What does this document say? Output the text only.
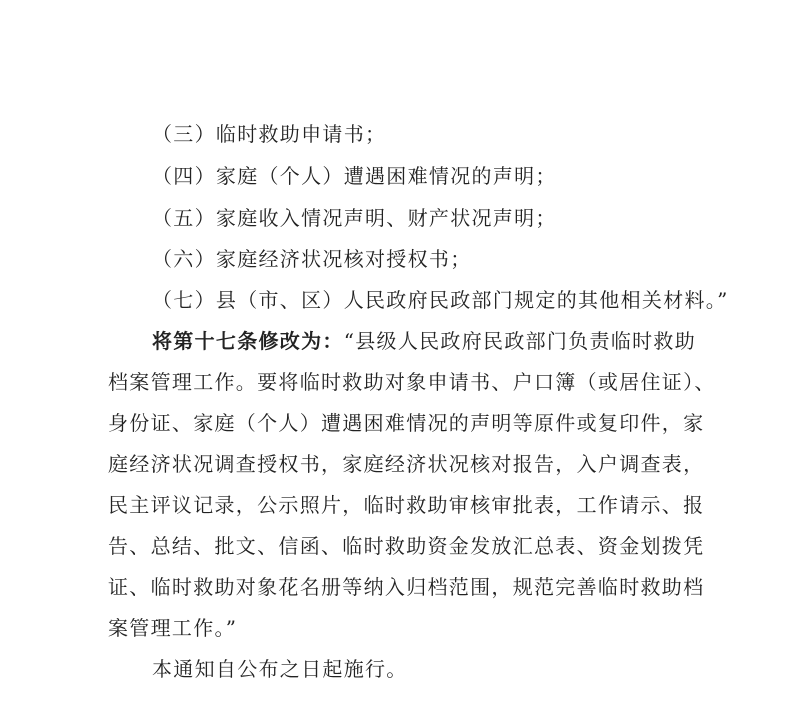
（三）临时救助申请书；
（四）家庭（个人）遭遇困难情况的声明；
（五）家庭收入情况声明、财产状况声明；
（六）家庭经济状况核对授权书；
（七）县（市、区）人民政府民政部门规定的其他相关材料。”
将第十七条修改为：“县级人民政府民政部门负责临时救助
档案管理工作。要将临时救助对象申请书、户口簿（或居住证）、
身份证、家庭（个人）遭遇困难情况的声明等原件或复印件，家
庭经济状况调查授权书，家庭经济状况核对报告，入户调查表，
民主评议记录，公示照片，临时救助审核审批表，工作请示、报
告、总结、批文、信函、临时救助资金发放汇总表、资金划拨凭
证、临时救助对象花名册等纳入归档范围，规范完善临时救助档
案管理工作。”
本通知自公布之日起施行。
